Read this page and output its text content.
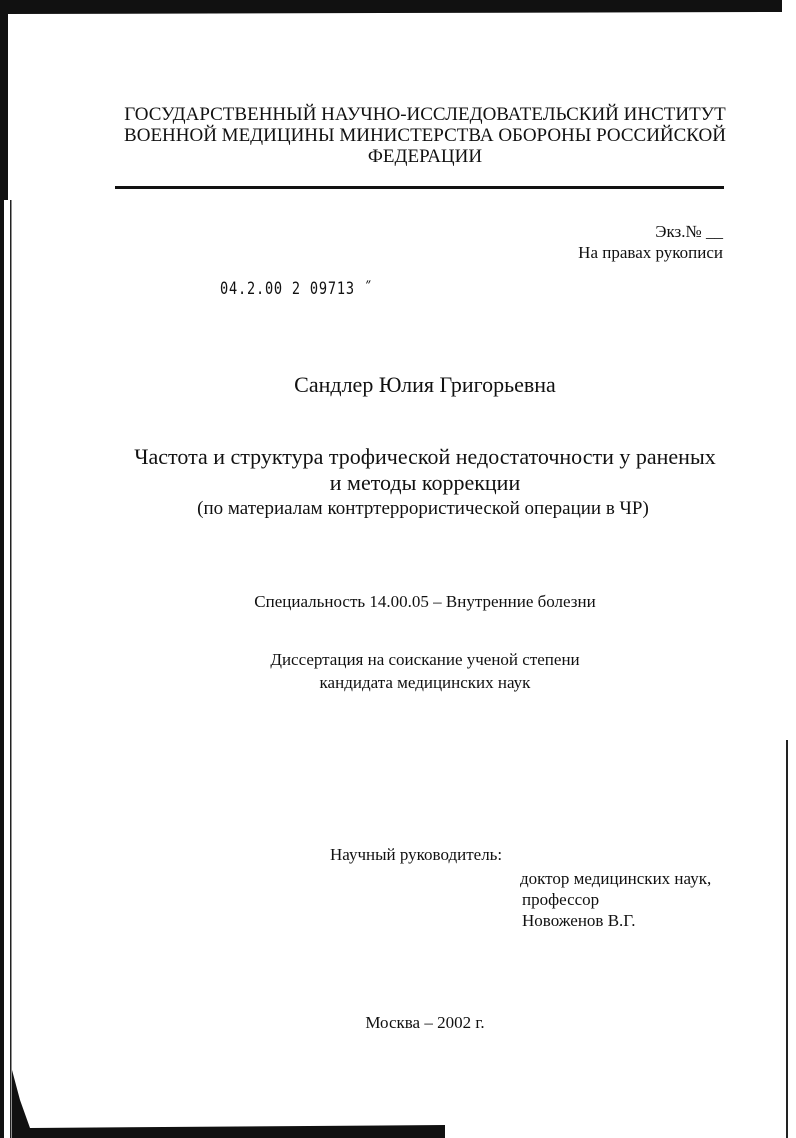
ГОСУДАРСТВЕННЫЙ НАУЧНО-ИССЛЕДОВАТЕЛЬСКИЙ ИНСТИТУТ
ВОЕННОЙ МЕДИЦИНЫ МИНИСТЕРСТВА ОБОРОНЫ РОССИЙСКОЙ
ФЕДЕРАЦИИ
Экз.№ __
На правах рукописи
04.2.00 2 09713 ˝
Сандлер Юлия Григорьевна
Частота и структура трофической недостаточности у раненых
и методы коррекции
(по материалам контртеррористической операции в ЧР)
Специальность 14.00.05 – Внутренние болезни
Диссертация на соискание ученой степени
кандидата медицинских наук
Научный руководитель:
доктор медицинских наук,
профессор
Новоженов В.Г.
Москва – 2002 г.
